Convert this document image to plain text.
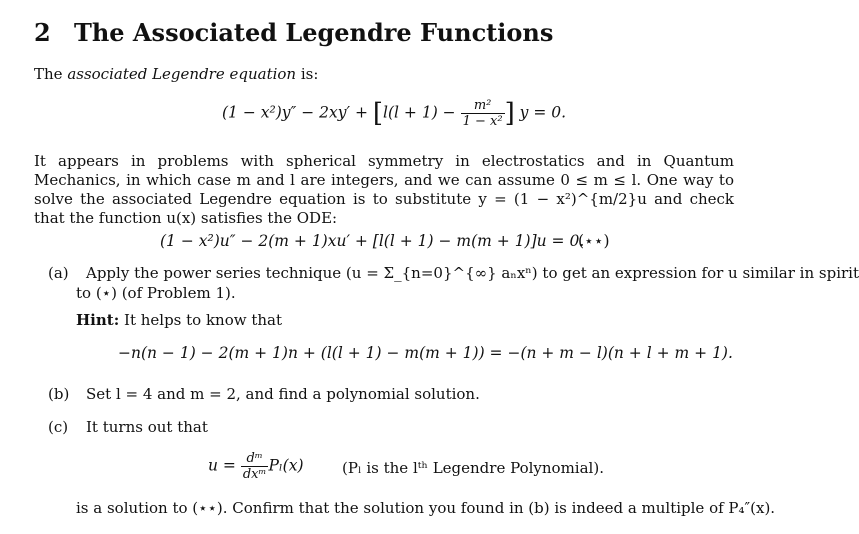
2 The Associated Legendre Functions
The associated Legendre equation is:
$(1 - x^2)y'' - 2xy' + [l(l + 1) - \frac{\text{m²}}{\text{1 − x²}}$ ] y = 0.
It appears in problems with spherical symmetry in electrostatics and in Quantum Mechanics, in which case m and l are integers, and we can assume 0 ≤ m ≤ l. One way to solve the associated Legendre equation is to substitute y = (1 − x²)^{m/2}u and check that the function u(x) satisfies the ODE:
(1 − x²)u″ − 2(m + 1)xu′ + [l(l + 1) − m(m + 1)]u = 0.
(⋆⋆)
(a) Apply the power series technique (u = Σ_{n=0}^{∞} aₙxⁿ) to get an expression for u similar in spirit
to (⋆) (of Problem 1).
Hint: It helps to know that
−n(n − 1) − 2(m + 1)n + (l(l + 1) − m(m + 1)) = −(n + m − l)(n + l + m + 1).
(b) Set l = 4 and m = 2, and find a polynomial solution.
(c) It turns out that
$u = \frac{\text{dᵐ}}{\text{dxᵐ}} P_l(x)$	(Pₗ is the lᵗʰ Legendre Polynomial).
is a solution to (⋆⋆). Confirm that the solution you found in (b) is indeed a multiple of P₄″(x).
